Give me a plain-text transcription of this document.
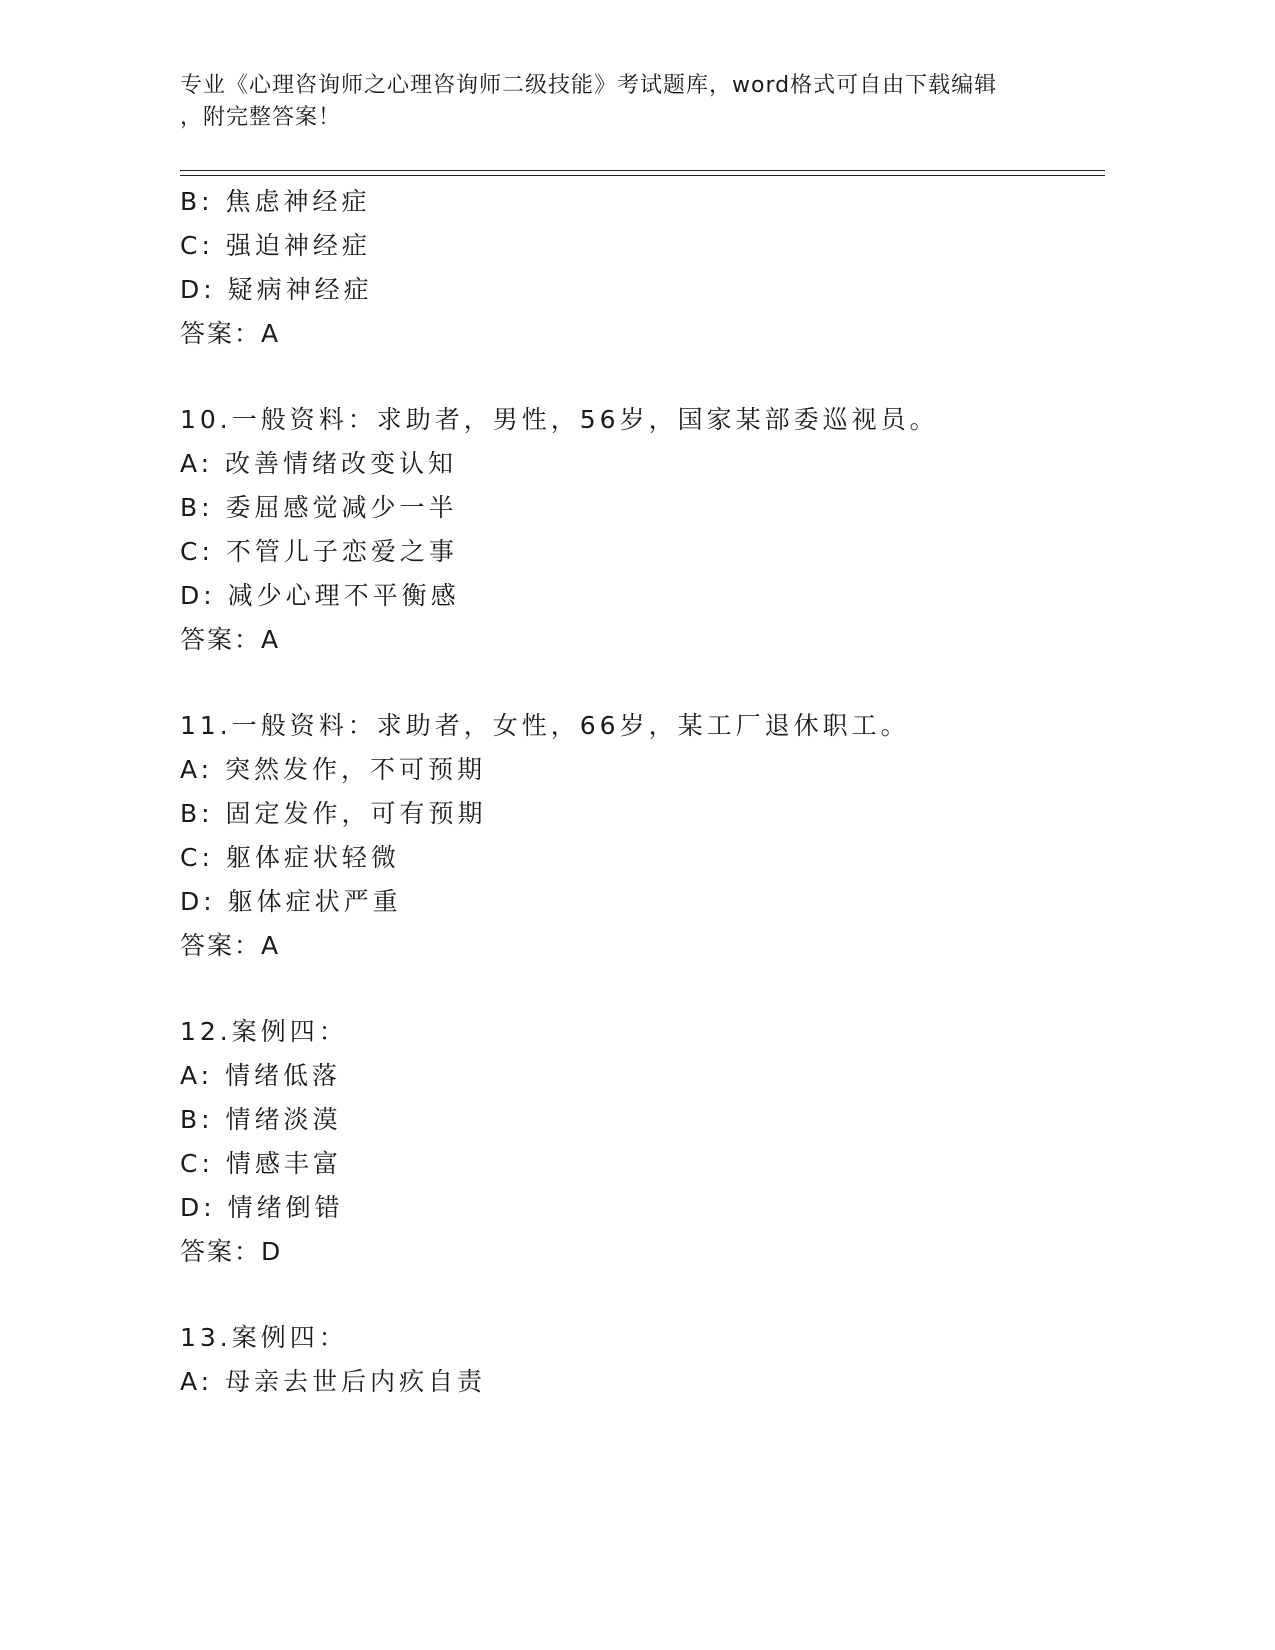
专业《心理咨询师之心理咨询师二级技能》考试题库，word格式可自由下载编辑
，附完整答案！
B: 焦虑神经症
C: 强迫神经症
D: 疑病神经症
答案：A
10.一般资料：求助者，男性，56岁，国家某部委巡视员。
A: 改善情绪改变认知
B: 委屈感觉减少一半
C: 不管儿子恋爱之事
D: 减少心理不平衡感
答案：A
11.一般资料：求助者，女性，66岁，某工厂退休职工。
A: 突然发作，不可预期
B: 固定发作，可有预期
C: 躯体症状轻微
D: 躯体症状严重
答案：A
12.案例四：
A: 情绪低落
B: 情绪淡漠
C: 情感丰富
D: 情绪倒错
答案：D
13.案例四：
A: 母亲去世后内疚自责
